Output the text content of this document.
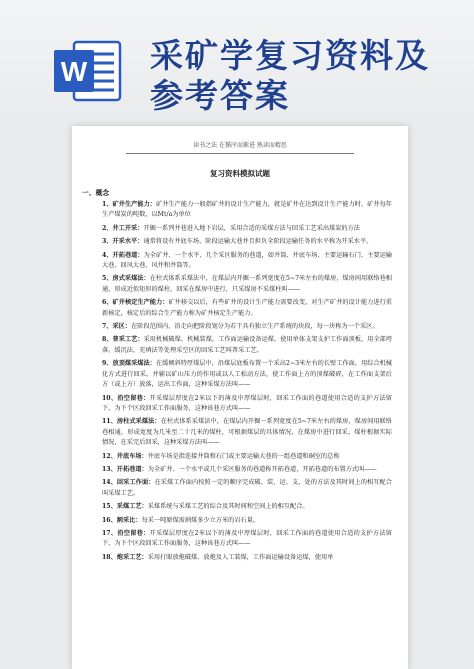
W 采矿学复习资料及
参考答案
读书之法 在循序而渐进 熟读而精思
复习资料模拟试题
一、概念
1、矿井生产能力：矿井生产能力一般指矿井的设计生产能力，就是矿井在达到设计生产能力时，矿井每年生产煤炭的吨数，以Mt/a为单位
2、井工开采：开掘一系列井巷进入地下岩层，采用合适的采煤方法与回采工艺采出煤炭的方法
3、开采水平：通常将设有井底车场、阶段运输大巷并且担负全阶段运输任务的水平称为开采水平。
4、开拓巷道：为全矿井、一个水平、几个采区服务的巷道，如井筒、井底车场、主要运输石门、主要运输大巷、回风大巷、风井和井筒等。
5、房式采煤法：在柱式体系采煤法中，在煤层内开掘一系列宽度在5~7米左右的煤房，煤房间用联络巷相通，形成近似矩形的煤柱，回采在煤房中进行，只采煤房不采煤柱叫——
6、矿井核定生产能力：矿井移交以后，有些矿井的设计生产能力需要改变，对生产矿井的设计能力进行重新核定，核定后的综合生产能力称为矿井核定生产能力。
7、采区：在阶段范围内，沿走向把阶段划分为若干具有独立生产系统的块段，每一块称为一个采区。
8、普采工艺：采用机械破煤、机械装煤，工作面运输设备运煤，使用单体支架支护工作面顶板，用全部垮落、缓沉法、充填法等处理采空区的回采工艺叫普采工艺。
9、放顶煤采煤法：在缓倾斜特厚煤层中，沿煤层底板布置一个采高2~3米左右的长壁工作面，用综合机械化方式进行回采，并辅以矿山压力的作用或以人工松动方法，使工作面上方的顶煤破碎，在工作面支架后方（或上方）放落，运出工作面，这种采煤方法叫——
10、沿空留巷：开采煤层厚度在2米以下的薄及中厚煤层时，回采工作面的巷道使用合适的支护方法留下，为下个区段回采工作面服务，这种该巷方式叫——
11、房柱式采煤法：在柱式体系采煤法中，在煤层内开掘一系列宽度在5~7米左右的煤房，煤房间用联络巷相通，形成宽度为几米至二十几米的煤柱，可根据煤层的具体情况，在煤房中进行回采，煤柱根据实际情况，在采完后回采，这种采煤方法叫——
12、井底车场：井底车场是指连接井筒和石门或主要运输大巷的一组巷道和硐室的总称
13、开拓巷道：为全矿井、一个水平或几个采区服务的巷道称开拓巷道，开拓巷道的布置方式叫——
14、回采工作面：在采煤工作面内按照一定的顺序完成破、装、运、支、处的方法及其时间上的相互配合叫采煤工艺。
15、采煤工艺：采煤系统与采煤工艺的综合及其时间和空间上的相互配合。
16、割采比：每采一吨原煤需割煤多少立方米的岩石量。
17、沿空留巷：开采煤层厚度在2米以下的薄及中厚煤层时，回采工作面的巷道使用合适的支护方法留下，为下个区段回采工作面服务，这种该巷方式叫——
18、炮采工艺：采用打眼放炮破煤、放炮及人工装煤，工作面运输设备运煤，使用单
